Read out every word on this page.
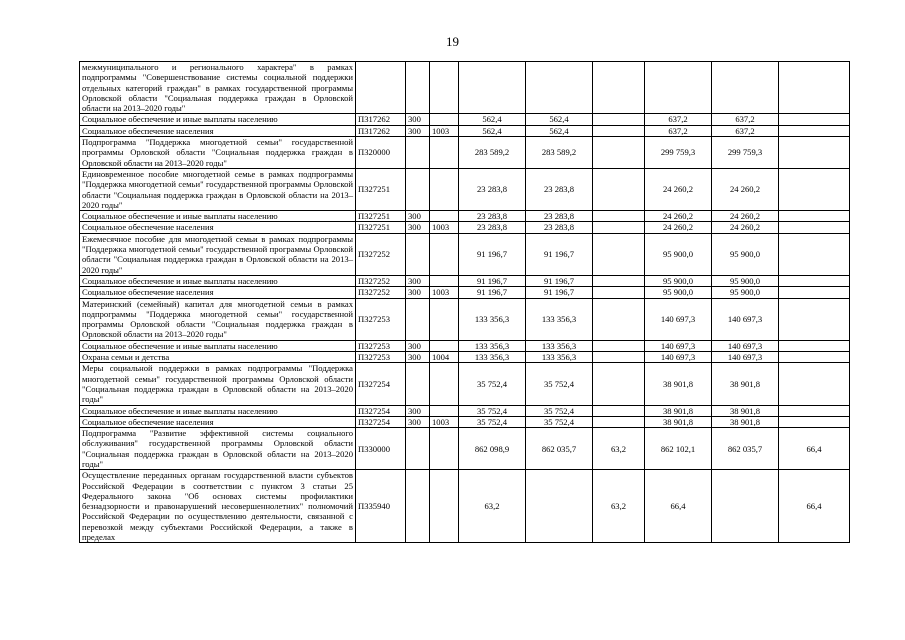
19
межмуниципального и регионального характера" в рамках подпрограммы "Совершенствование системы социальной поддержки отдельных категорий граждан" в рамках государственной программы Орловской области "Социальная поддержка граждан в Орловской области на 2013–2020 годы"									
Социальное обеспечение и иные выплаты населению	П317262	300		562,4	562,4		637,2	637,2	
Социальное обеспечение населения	П317262	300	1003	562,4	562,4		637,2	637,2	
Подпрограмма "Поддержка многодетной семьи" государственной программы Орловской области "Социальная поддержка граждан в Орловской области на 2013–2020 годы"	П320000			283 589,2	283 589,2		299 759,3	299 759,3	
Единовременное пособие многодетной семье в рамках подпрограммы "Поддержка многодетной семьи" государственной программы Орловской области "Социальная поддержка граждан в Орловской области на 2013–2020 годы"	П327251			23 283,8	23 283,8		24 260,2	24 260,2	
Социальное обеспечение и иные выплаты населению	П327251	300		23 283,8	23 283,8		24 260,2	24 260,2	
Социальное обеспечение населения	П327251	300	1003	23 283,8	23 283,8		24 260,2	24 260,2	
Ежемесячное пособие для многодетной семьи в рамках подпрограммы "Поддержка многодетной семьи" государственной программы Орловской области "Социальная поддержка граждан в Орловской области на 2013–2020 годы"	П327252			91 196,7	91 196,7		95 900,0	95 900,0	
Социальное обеспечение и иные выплаты населению	П327252	300		91 196,7	91 196,7		95 900,0	95 900,0	
Социальное обеспечение населения	П327252	300	1003	91 196,7	91 196,7		95 900,0	95 900,0	
Материнский (семейный) капитал для многодетной семьи в рамках подпрограммы "Поддержка многодетной семьи" государственной программы Орловской области "Социальная поддержка граждан в Орловской области на 2013–2020 годы"	П327253			133 356,3	133 356,3		140 697,3	140 697,3	
Социальное обеспечение и иные выплаты населению	П327253	300		133 356,3	133 356,3		140 697,3	140 697,3	
Охрана семьи и детства	П327253	300	1004	133 356,3	133 356,3		140 697,3	140 697,3	
Меры социальной поддержки в рамках подпрограммы "Поддержка многодетной семьи" государственной программы Орловской области "Социальная поддержка граждан в Орловской области на 2013–2020 годы"	П327254			35 752,4	35 752,4		38 901,8	38 901,8	
Социальное обеспечение и иные выплаты населению	П327254	300		35 752,4	35 752,4		38 901,8	38 901,8	
Социальное обеспечение населения	П327254	300	1003	35 752,4	35 752,4		38 901,8	38 901,8	
Подпрограмма "Развитие эффективной системы социального обслуживания" государственной программы Орловской области "Социальная поддержка граждан в Орловской области на 2013–2020 годы"	П330000			862 098,9	862 035,7	63,2	862 102,1	862 035,7	66,4
Осуществление переданных органам государственной власти субъектов Российской Федерации в соответствии с пунктом 3 статьи 25 Федерального закона "Об основах системы профилактики безнадзорности и правонарушений несовершеннолетних" полномочий Российской Федерации по осуществлению деятельности, связанной с перевозкой между субъектами Российской Федерации, а также в пределах	П335940			63,2		63,2	66,4		66,4
